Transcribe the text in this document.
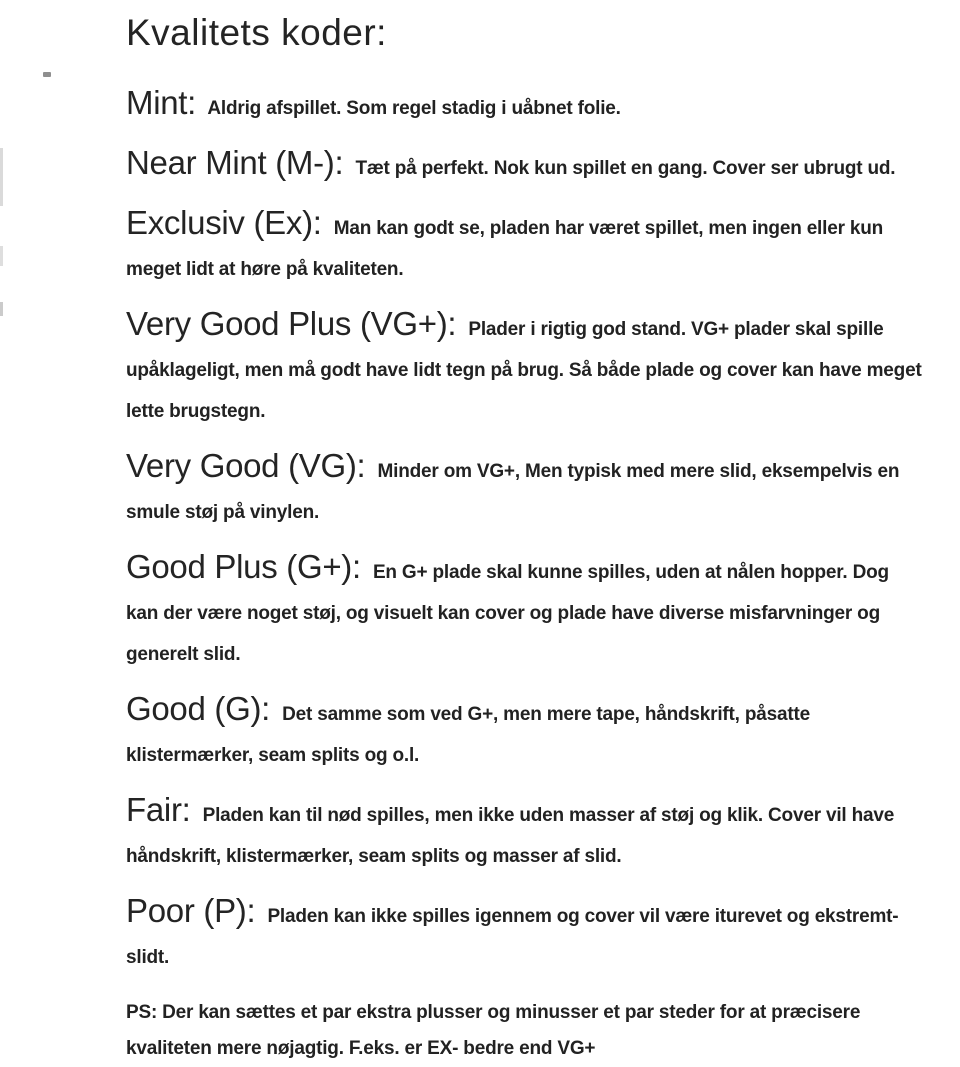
Kvalitets koder:

Mint: Aldrig afspillet. Som regel stadig i uåbnet folie.

Near Mint (M-): Tæt på perfekt. Nok kun spillet en gang. Cover ser ubrugt ud.

Exclusiv (Ex): Man kan godt se, pladen har været spillet, men ingen eller kun meget lidt at høre på kvaliteten.

Very Good Plus (VG+): Plader i rigtig god stand. VG+ plader skal spille upåklageligt, men må godt have lidt tegn på brug. Så både plade og cover kan have meget lette brugstegn.

Very Good (VG): Minder om VG+, Men typisk med mere slid, eksempelvis en smule støj på vinylen.

Good Plus (G+): En G+ plade skal kunne spilles, uden at nålen hopper. Dog kan der være noget støj, og visuelt kan cover og plade have diverse misfarvninger og generelt slid.

Good (G): Det samme som ved G+, men mere tape, håndskrift, påsatte klistermærker, seam splits og o.l.

Fair: Pladen kan til nød spilles, men ikke uden masser af støj og klik. Cover vil have håndskrift, klistermærker, seam splits og masser af slid.

Poor (P): Pladen kan ikke spilles igennem og cover vil være iturevet og ekstremt-slidt.

PS: Der kan sættes et par ekstra plusser og minusser et par steder for at præcisere kvaliteten mere nøjagtig. F.eks. er EX- bedre end VG+
